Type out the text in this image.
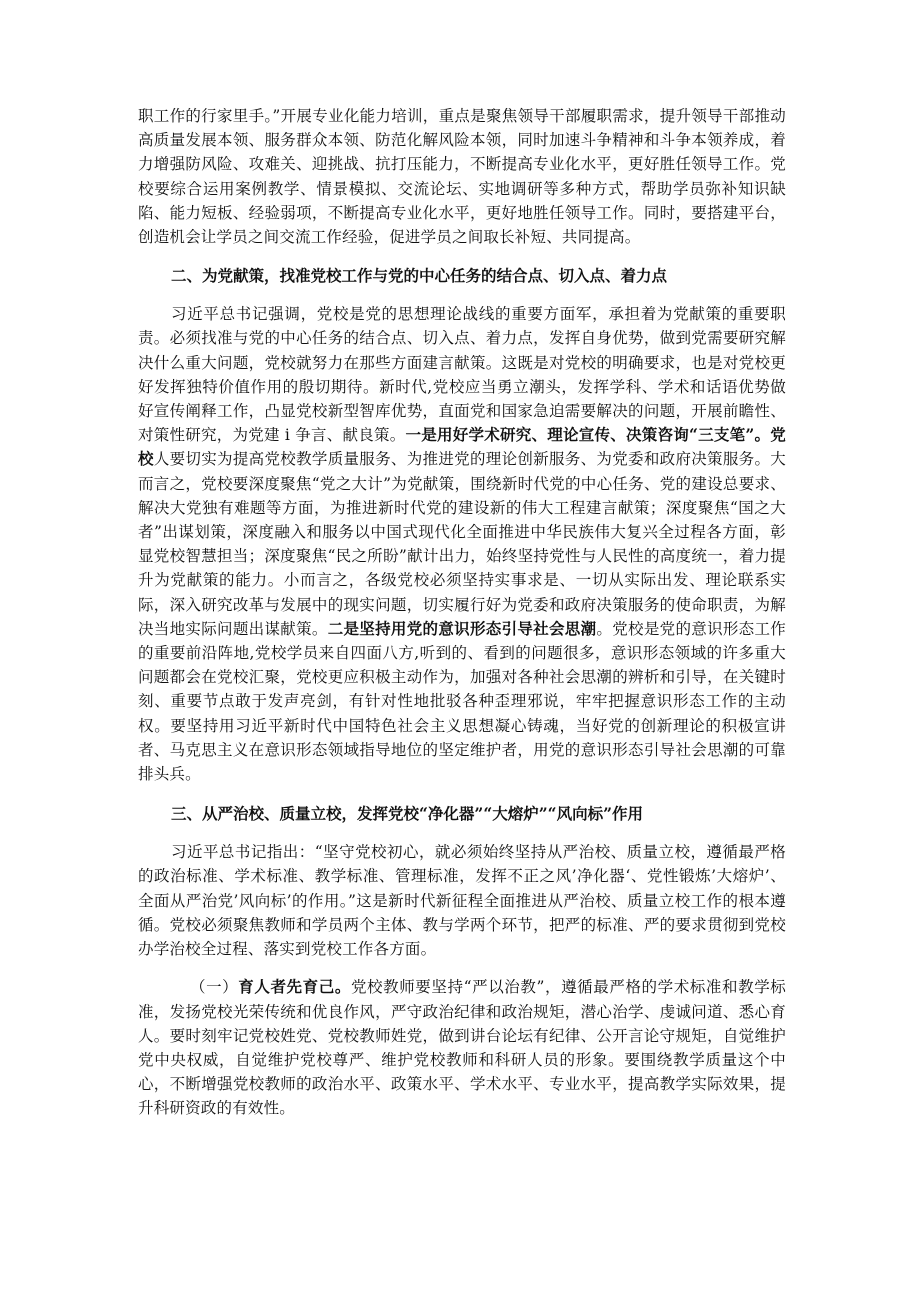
职工作的行家里手。”开展专业化能力培训，重点是聚焦领导干部履职需求，提升领导干部推动高质量发展本领、服务群众本领、防范化解风险本领，同时加速斗争精神和斗争本领养成，着力增强防风险、攻难关、迎挑战、抗打压能力，不断提高专业化水平，更好胜任领导工作。党校要综合运用案例教学、情景模拟、交流论坛、实地调研等多种方式，帮助学员弥补知识缺陷、能力短板、经验弱项，不断提高专业化水平，更好地胜任领导工作。同时，要搭建平台，创造机会让学员之间交流工作经验，促进学员之间取长补短、共同提高。

二、为党献策，找准党校工作与党的中心任务的结合点、切入点、着力点

习近平总书记强调，党校是党的思想理论战线的重要方面军，承担着为党献策的重要职责。必须找准与党的中心任务的结合点、切入点、着力点，发挥自身优势，做到党需要研究解决什么重大问题，党校就努力在那些方面建言献策。这既是对党校的明确要求，也是对党校更好发挥独特价值作用的殷切期待。新时代,党校应当勇立潮头，发挥学科、学术和话语优势做好宣传阐释工作，凸显党校新型智库优势，直面党和国家急迫需要解决的问题，开展前瞻性、对策性研究，为党建 i 争言、献良策。一是用好学术研究、理论宣传、决策咨询“三支笔”。党校人要切实为提高党校教学质量服务、为推进党的理论创新服务、为党委和政府决策服务。大而言之，党校要深度聚焦“党之大计”为党献策，围绕新时代党的中心任务、党的建设总要求、解决大党独有难题等方面，为推进新时代党的建设新的伟大工程建言献策；深度聚焦“国之大者”出谋划策，深度融入和服务以中国式现代化全面推进中华民族伟大复兴全过程各方面，彰显党校智慧担当；深度聚焦“民之所盼”献计出力，始终坚持党性与人民性的高度统一，着力提升为党献策的能力。小而言之，各级党校必须坚持实事求是、一切从实际出发、理论联系实际，深入研究改革与发展中的现实问题，切实履行好为党委和政府决策服务的使命职责，为解决当地实际问题出谋献策。二是坚持用党的意识形态引导社会思潮。党校是党的意识形态工作的重要前沿阵地,党校学员来自四面八方,听到的、看到的问题很多，意识形态领域的许多重大问题都会在党校汇聚，党校更应积极主动作为，加强对各种社会思潮的辨析和引导，在关键时刻、重要节点敢于发声亮剑，有针对性地批驳各种歪理邪说，牢牢把握意识形态工作的主动权。要坚持用习近平新时代中国特色社会主义思想凝心铸魂，当好党的创新理论的积极宣讲者、马克思主义在意识形态领域指导地位的坚定维护者，用党的意识形态引导社会思潮的可靠排头兵。

三、从严治校、质量立校，发挥党校“净化器”“大熔炉”“风向标”作用

习近平总书记指出：“坚守党校初心，就必须始终坚持从严治校、质量立校，遵循最严格的政治标准、学术标准、教学标准、管理标准，发挥不正之风’净化器‘、党性锻炼’大熔炉’、全面从严治党’风向标’的作用。”这是新时代新征程全面推进从严治校、质量立校工作的根本遵循。党校必须聚焦教师和学员两个主体、教与学两个环节，把严的标准、严的要求贯彻到党校办学治校全过程、落实到党校工作各方面。

（一）育人者先育己。党校教师要坚持“严以治教”，遵循最严格的学术标准和教学标准，发扬党校光荣传统和优良作风，严守政治纪律和政治规矩，潜心治学、虔诚问道、悉心育人。要时刻牢记党校姓党、党校教师姓党，做到讲台论坛有纪律、公开言论守规矩，自觉维护党中央权威，自觉维护党校尊严、维护党校教师和科研人员的形象。要围绕教学质量这个中心，不断增强党校教师的政治水平、政策水平、学术水平、专业水平，提高教学实际效果，提升科研资政的有效性。
